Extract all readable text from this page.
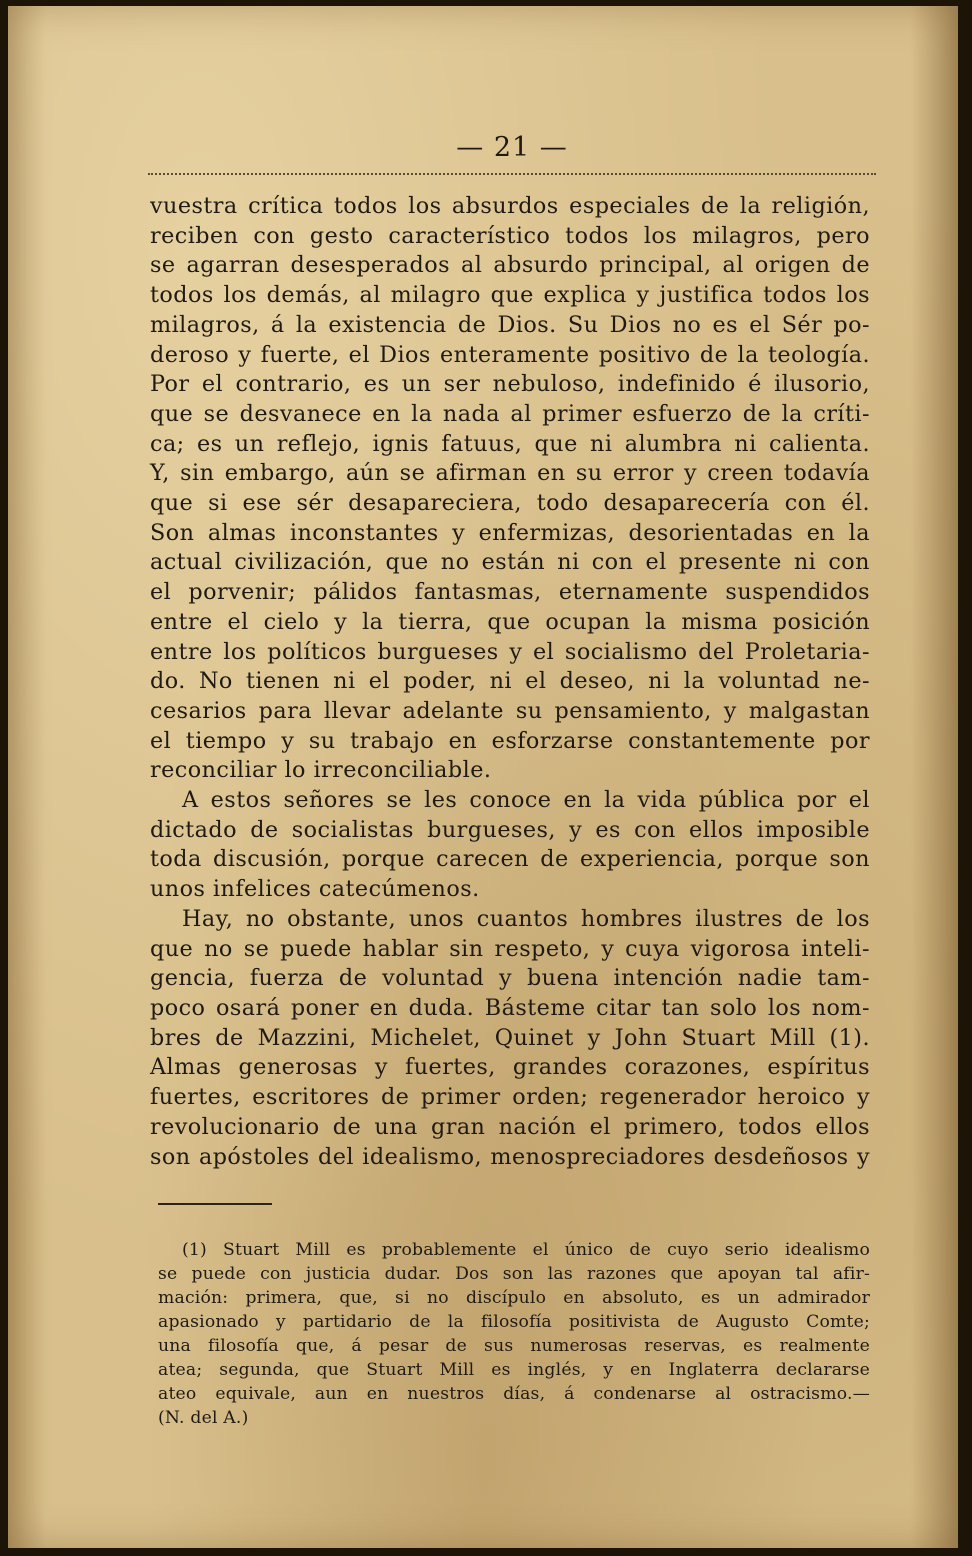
— 21 —
vuestra crítica todos los absurdos especiales de la religión,
reciben con gesto característico todos los milagros, pero
se agarran desesperados al absurdo principal, al origen de
todos los demás, al milagro que explica y justifica todos los
milagros, á la existencia de Dios. Su Dios no es el Sér po-
deroso y fuerte, el Dios enteramente positivo de la teología.
Por el contrario, es un ser nebuloso, indefinido é ilusorio,
que se desvanece en la nada al primer esfuerzo de la críti-
ca; es un reflejo, ignis fatuus, que ni alumbra ni calienta.
Y, sin embargo, aún se afirman en su error y creen todavía
que si ese sér desapareciera, todo desaparecería con él.
Son almas inconstantes y enfermizas, desorientadas en la
actual civilización, que no están ni con el presente ni con
el porvenir; pálidos fantasmas, eternamente suspendidos
entre el cielo y la tierra, que ocupan la misma posición
entre los políticos burgueses y el socialismo del Proletaria-
do. No tienen ni el poder, ni el deseo, ni la voluntad ne-
cesarios para llevar adelante su pensamiento, y malgastan
el tiempo y su trabajo en esforzarse constantemente por
reconciliar lo irreconciliable.
A estos señores se les conoce en la vida pública por el
dictado de socialistas burgueses, y es con ellos imposible
toda discusión, porque carecen de experiencia, porque son
unos infelices catecúmenos.
Hay, no obstante, unos cuantos hombres ilustres de los
que no se puede hablar sin respeto, y cuya vigorosa inteli-
gencia, fuerza de voluntad y buena intención nadie tam-
poco osará poner en duda. Básteme citar tan solo los nom-
bres de Mazzini, Michelet, Quinet y John Stuart Mill (1).
Almas generosas y fuertes, grandes corazones, espíritus
fuertes, escritores de primer orden; regenerador heroico y
revolucionario de una gran nación el primero, todos ellos
son apóstoles del idealismo, menospreciadores desdeñosos y
(1) Stuart Mill es probablemente el único de cuyo serio idealismo
se puede con justicia dudar. Dos son las razones que apoyan tal afir-
mación: primera, que, si no discípulo en absoluto, es un admirador
apasionado y partidario de la filosofía positivista de Augusto Comte;
una filosofía que, á pesar de sus numerosas reservas, es realmente
atea; segunda, que Stuart Mill es inglés, y en Inglaterra declararse
ateo equivale, aun en nuestros días, á condenarse al ostracismo.—
(N. del A.)
